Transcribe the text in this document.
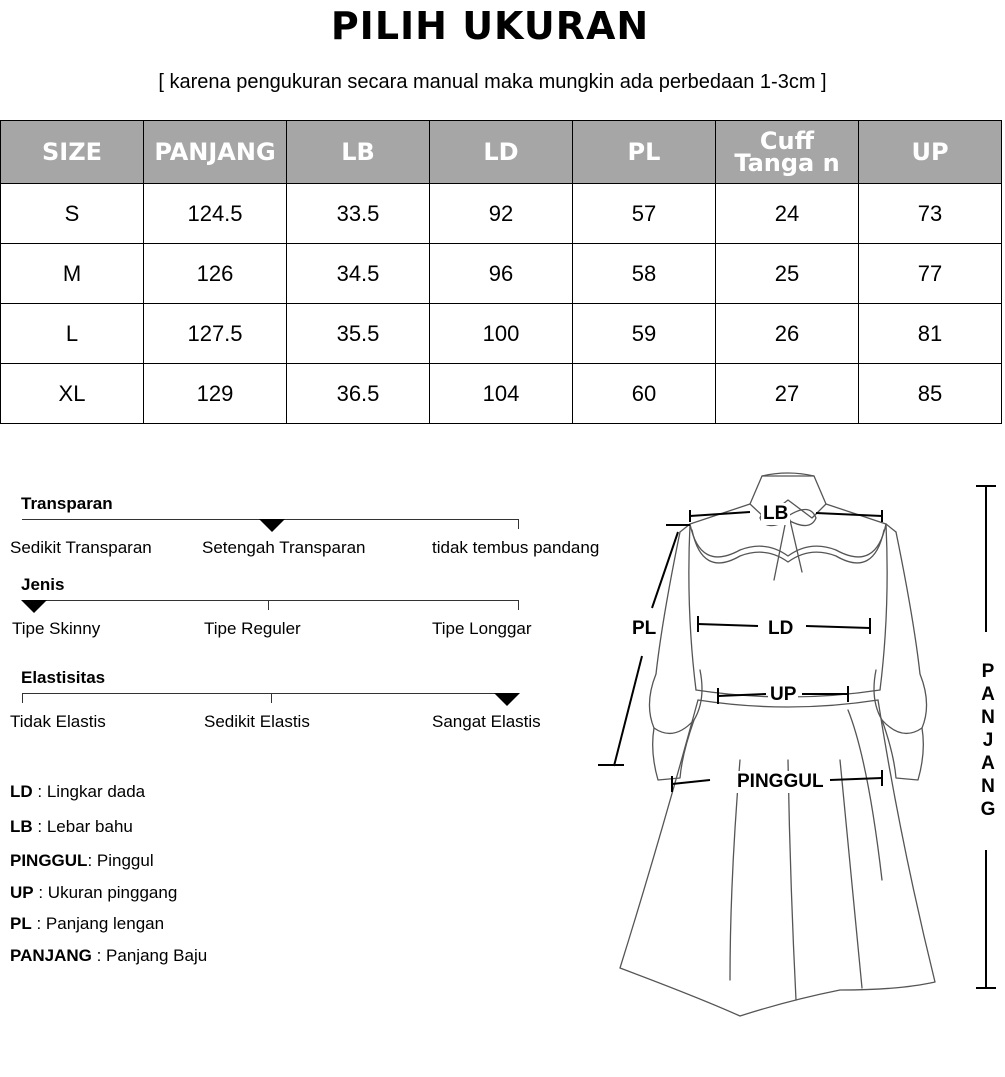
PILIH UKURAN
[ karena pengukuran secara manual maka mungkin ada perbedaan 1-3cm ]
SIZE	PANJANG	LB	LD	PL	Cuff Tanga n	UP
S	124.5	33.5	92	57	24	73
M	126	34.5	96	58	25	77
L	127.5	35.5	100	59	26	81
XL	129	36.5	104	60	27	85
Transparan
Sedikit Transparan	Setengah Transparan	tidak tembus pandang
Jenis
Tipe Skinny	Tipe Reguler	Tipe Longgar
Elastisitas
Tidak Elastis	Sedikit Elastis	Sangat Elastis
LD : Lingkar dada
LB : Lebar bahu
PINGGUL: Pinggul
UP : Ukuran pinggang
PL : Panjang lengan
PANJANG : Panjang Baju
LB
PL	LD
UP
PINGGUL
P
A
N
J
A
N
G
